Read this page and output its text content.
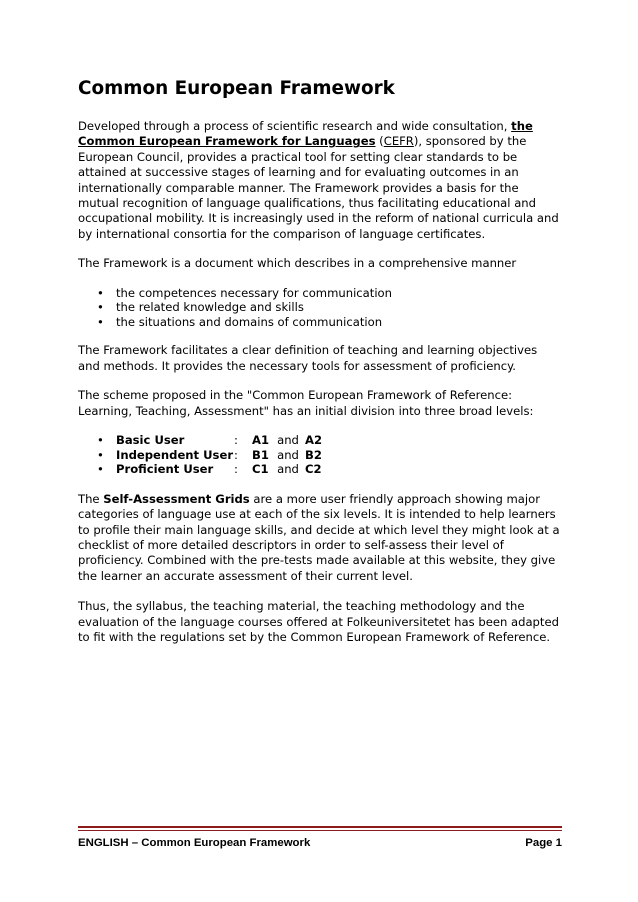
Common European Framework

Developed through a process of scientific research and wide consultation, the Common European Framework for Languages (CEFR), sponsored by the European Council, provides a practical tool for setting clear standards to be attained at successive stages of learning and for evaluating outcomes in an internationally comparable manner. The Framework provides a basis for the mutual recognition of language qualifications, thus facilitating educational and occupational mobility. It is increasingly used in the reform of national curricula and by international consortia for the comparison of language certificates.

The Framework is a document which describes in a comprehensive manner

• the competences necessary for communication
• the related knowledge and skills
• the situations and domains of communication

The Framework facilitates a clear definition of teaching and learning objectives and methods. It provides the necessary tools for assessment of proficiency.

The scheme proposed in the "Common European Framework of Reference: Learning, Teaching, Assessment" has an initial division into three broad levels:

• Basic User	: A1 and A2
• Independent User: B1 and B2
• Proficient User : C1 and C2

The Self-Assessment Grids are a more user friendly approach showing major categories of language use at each of the six levels. It is intended to help learners to profile their main language skills, and decide at which level they might look at a checklist of more detailed descriptors in order to self-assess their level of proficiency. Combined with the pre-tests made available at this website, they give the learner an accurate assessment of their current level.

Thus, the syllabus, the teaching material, the teaching methodology and the evaluation of the language courses offered at Folkeuniversitetet has been adapted to fit with the regulations set by the Common European Framework of Reference.

ENGLISH – Common European Framework	Page 1
